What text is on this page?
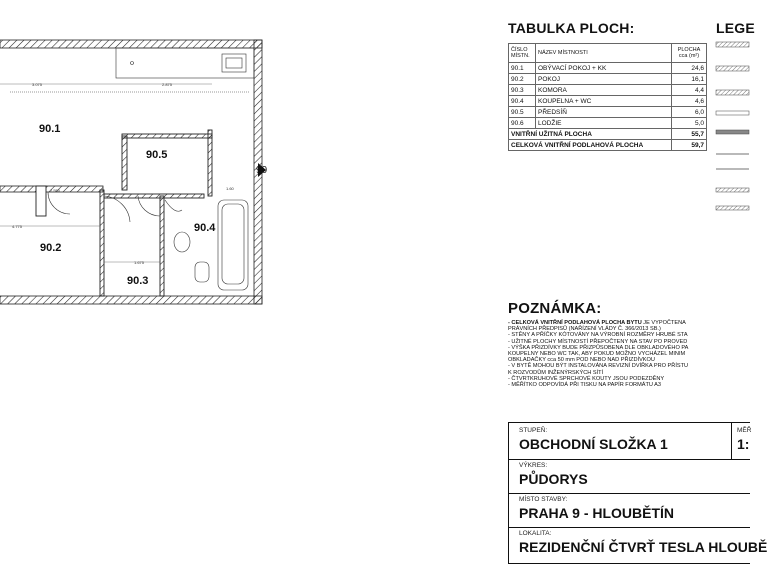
3.075	2.875
4.775
2.550
1.675
1.60
90.1
90.2
90.3
90.4
90.5
90
TABULKA PLOCH:	LEGE
ČÍSLO MÍSTN.	NÁZEV MÍSTNOSTI	PLOCHA cca (m²)
90.1	OBÝVACÍ POKOJ + KK	24,6
90.2	POKOJ	16,1
90.3	KOMORA	4,4
90.4	KOUPELNA + WC	4,6
90.5	PŘEDSÍŇ	6,0
90.6	LODŽIE	5,0
VNITŘNÍ UŽITNÁ PLOCHA		55,7
CELKOVÁ VNITŘNÍ PODLAHOVÁ PLOCHA		59,7
POZNÁMKA:
- CELKOVÁ VNITŘNÍ PODLAHOVÁ PLOCHA BYTU JE VYPOČTENA
PRÁVNÍCH PŘEDPISŮ (NAŘÍZENÍ VLÁDY Č. 366/2013 SB.)
- STĚNY A PŘÍČKY KÓTOVÁNY NA VÝROBNÍ ROZMĚRY HRUBÉ STA
- UŽITNÉ PLOCHY MÍSTNOSTÍ PŘEPOČTENY NA STAV PO PROVED
- VÝŠKA PŘIZDÍVKY BUDE PŘIZPŮSOBENA DLE OBKLADOVÉHO PA
KOUPELNY NEBO WC TAK, ABY POKUD MOŽNO VYCHÁZEL MINIM
OBKLADAČKY cca 50 mm POD NEBO NAD PŘIZDÍVKOU
- V BYTĚ MOHOU BÝT INSTALOVÁNA REVIZNÍ DVÍŘKA PRO PŘÍSTU
K ROZVODŮM INŽENÝRSKÝCH SÍTÍ
- ČTVRTKRUHOVÉ SPRCHOVÉ KOUTY JSOU PODEZDĚNY
- MĚŘÍTKO ODPOVÍDÁ PŘI TISKU NA PAPÍR FORMÁTU A3
STUPEŇ:
OBCHODNÍ SLOŽKA 1
MĚŘ
1:
VÝKRES:
PŮDORYS
MÍSTO STAVBY:
PRAHA 9 - HLOUBĚTÍN
LOKALITA:
REZIDENČNÍ ČTVRŤ TESLA HLOUBĚ
